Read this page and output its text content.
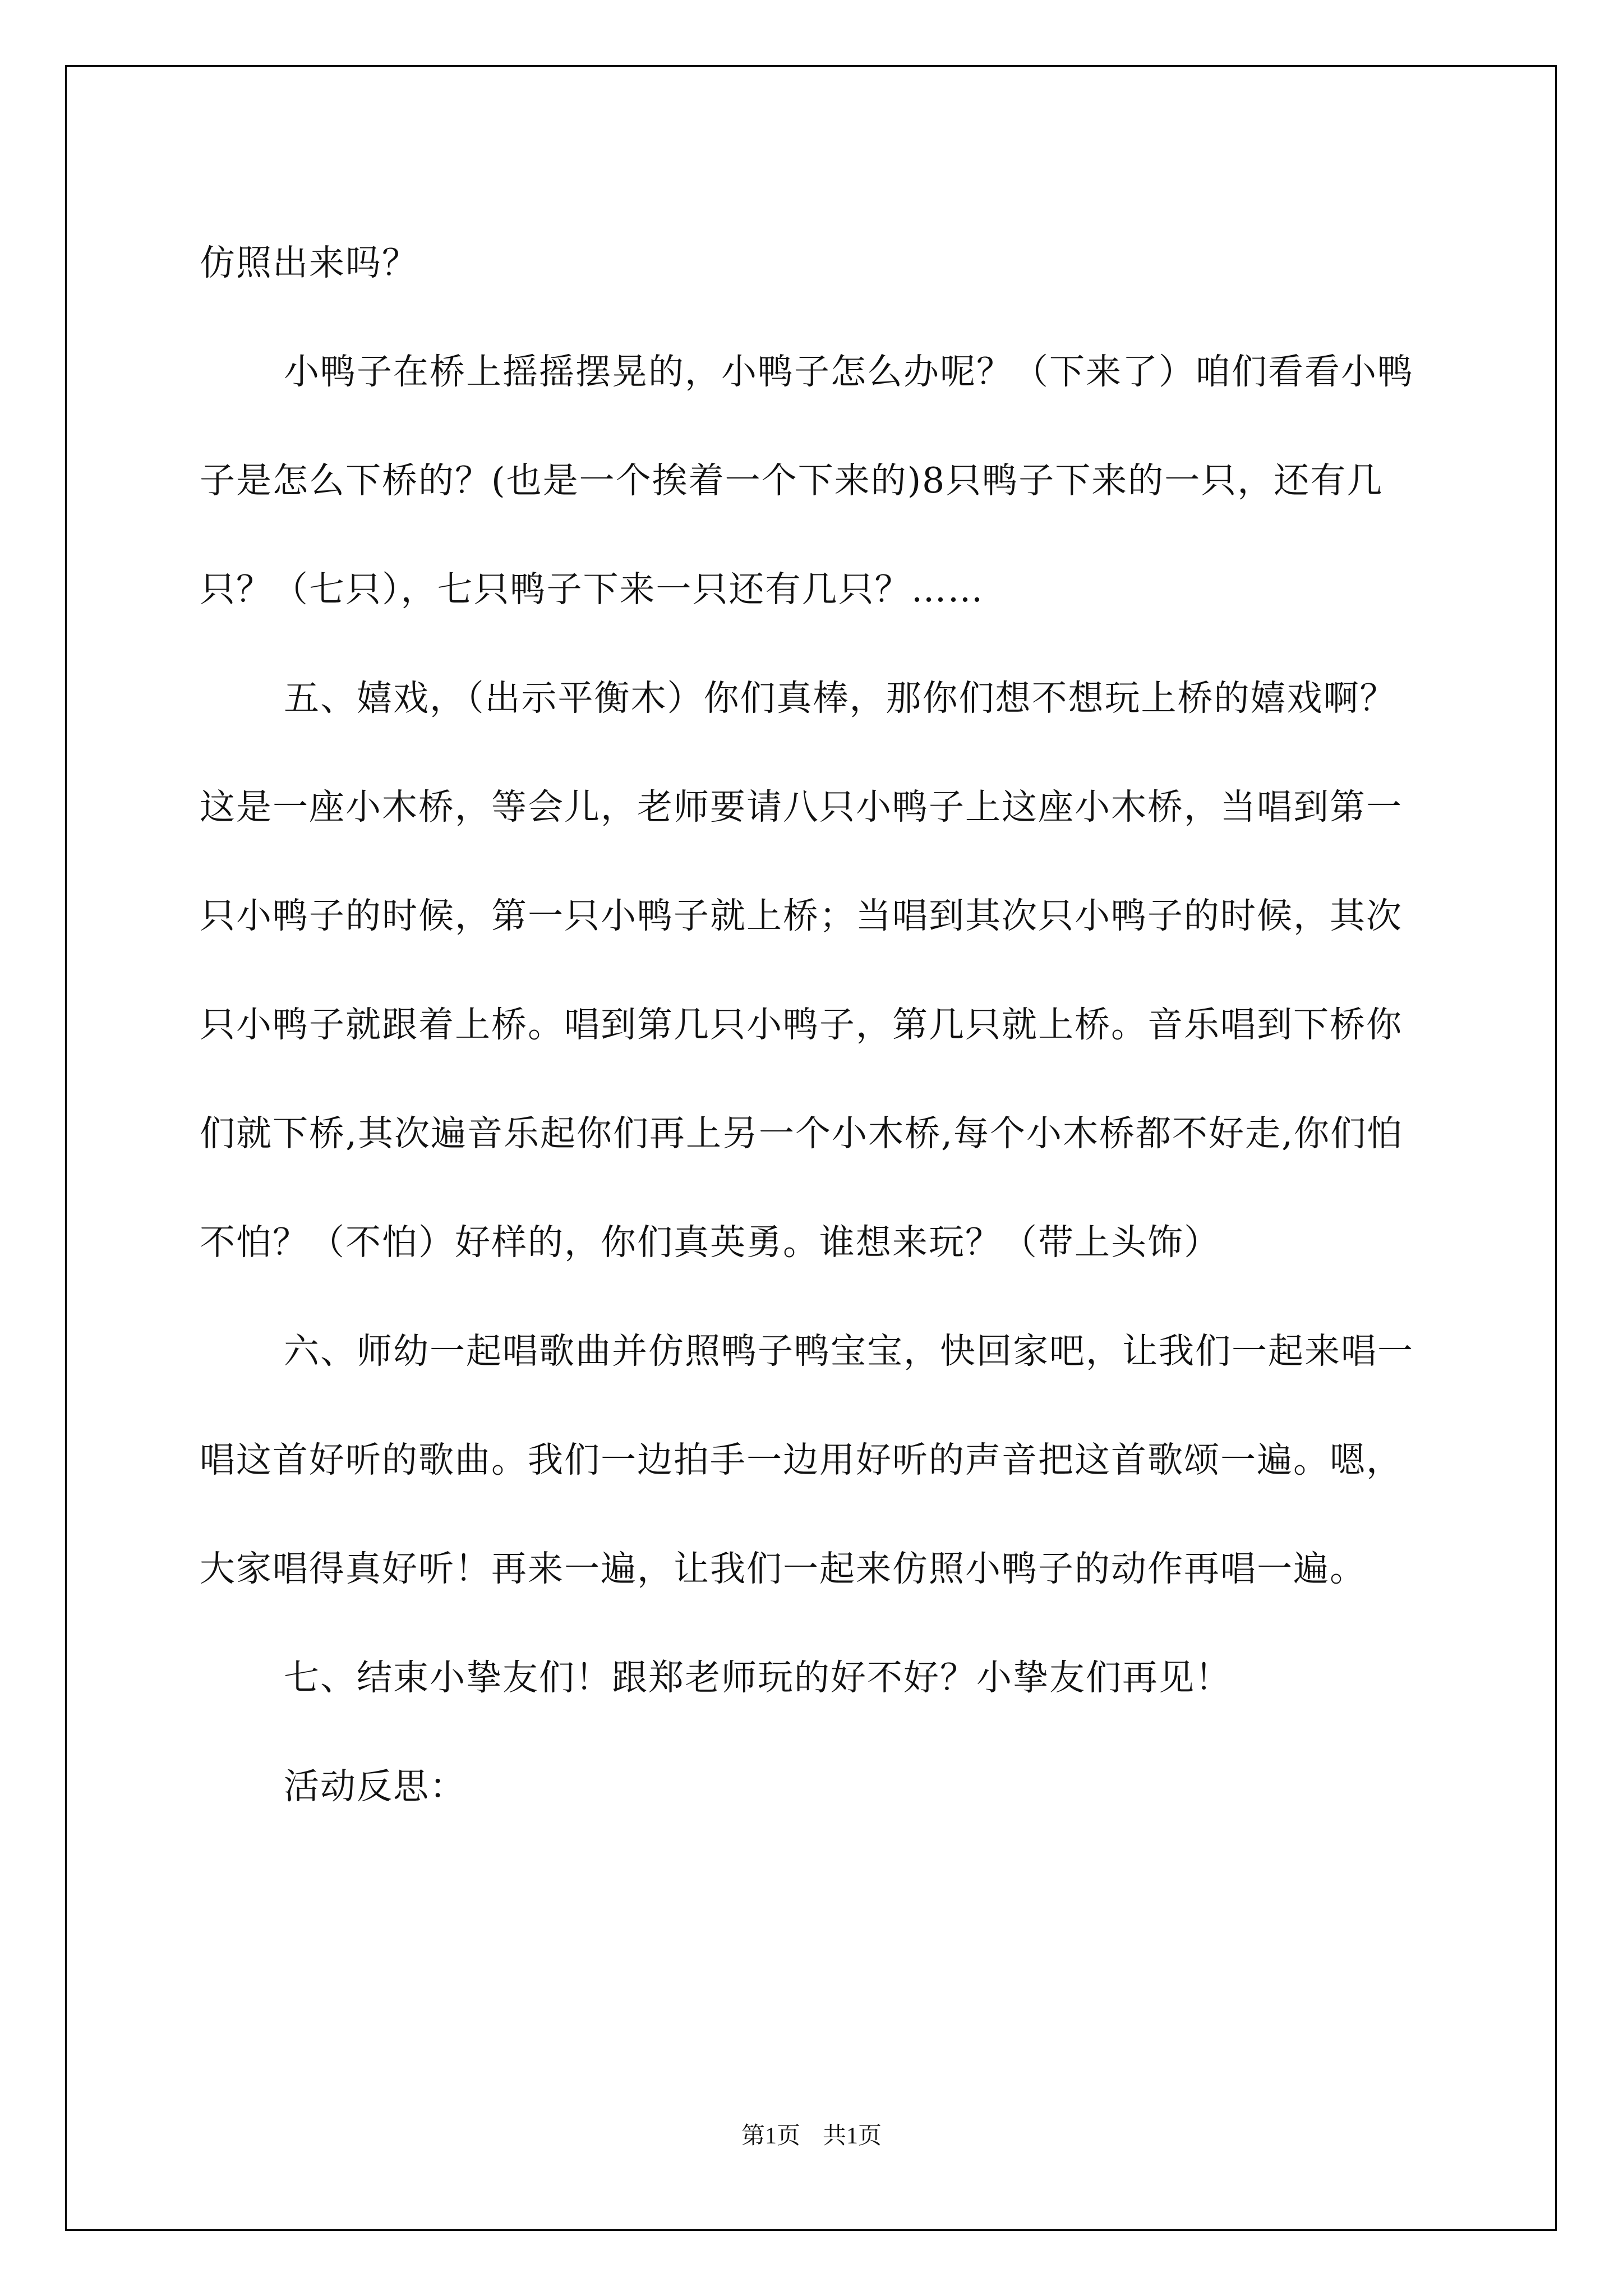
仿照出来吗？

小鸭子在桥上摇摇摆晃的，小鸭子怎么办呢？（下来了）咱们看看小鸭子是怎么下桥的？(也是一个挨着一个下来的)8只鸭子下来的一只，还有几只？（七只），七只鸭子下来一只还有几只？……

五、嬉戏，（出示平衡木）你们真棒，那你们想不想玩上桥的嬉戏啊？这是一座小木桥，等会儿，老师要请八只小鸭子上这座小木桥，当唱到第一只小鸭子的时候，第一只小鸭子就上桥；当唱到其次只小鸭子的时候，其次只小鸭子就跟着上桥。唱到第几只小鸭子，第几只就上桥。音乐唱到下桥你们就下桥,其次遍音乐起你们再上另一个小木桥,每个小木桥都不好走,你们怕不怕？（不怕）好样的，你们真英勇。谁想来玩？（带上头饰）

六、师幼一起唱歌曲并仿照鸭子鸭宝宝，快回家吧，让我们一起来唱一唱这首好听的歌曲。我们一边拍手一边用好听的声音把这首歌颂一遍。嗯，大家唱得真好听！再来一遍，让我们一起来仿照小鸭子的动作再唱一遍。

七、结束小挚友们！跟郑老师玩的好不好？小挚友们再见！

活动反思：

第1页 共1页
